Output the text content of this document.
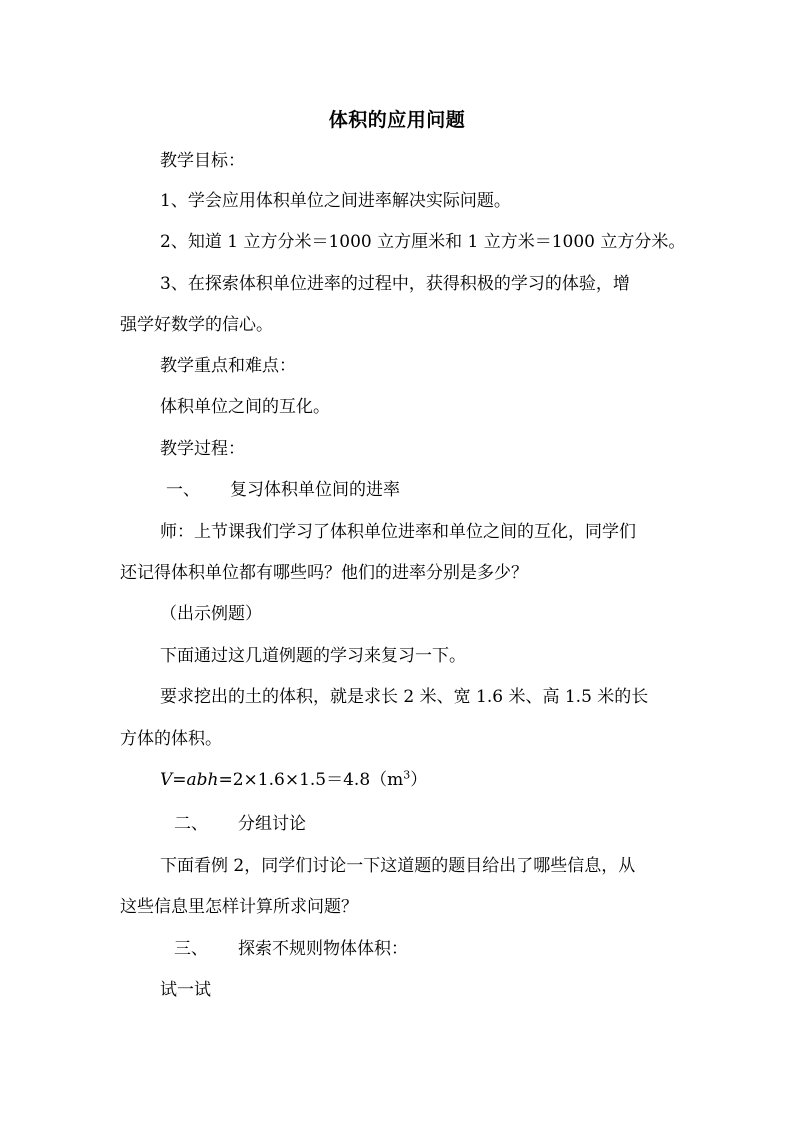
体积的应用问题
教学目标：
1、学会应用体积单位之间进率解决实际问题。
2、知道 1 立方分米＝1000 立方厘米和 1 立方米＝1000 立方分米。
3、在探索体积单位进率的过程中，获得积极的学习的体验，增
强学好数学的信心。
教学重点和难点：
体积单位之间的互化。
教学过程：
一、 复习体积单位间的进率
师：上节课我们学习了体积单位进率和单位之间的互化，同学们
还记得体积单位都有哪些吗？他们的进率分别是多少？
（出示例题）
下面通过这几道例题的学习来复习一下。
要求挖出的土的体积，就是求长 2 米、宽 1.6 米、高 1.5 米的长
方体的体积。
$V=abh=2\times 1.6\times 1.5=4.8(m^3)$
二、 分组讨论
下面看例 2，同学们讨论一下这道题的题目给出了哪些信息，从
这些信息里怎样计算所求问题？
三、 探索不规则物体体积：
试一试
